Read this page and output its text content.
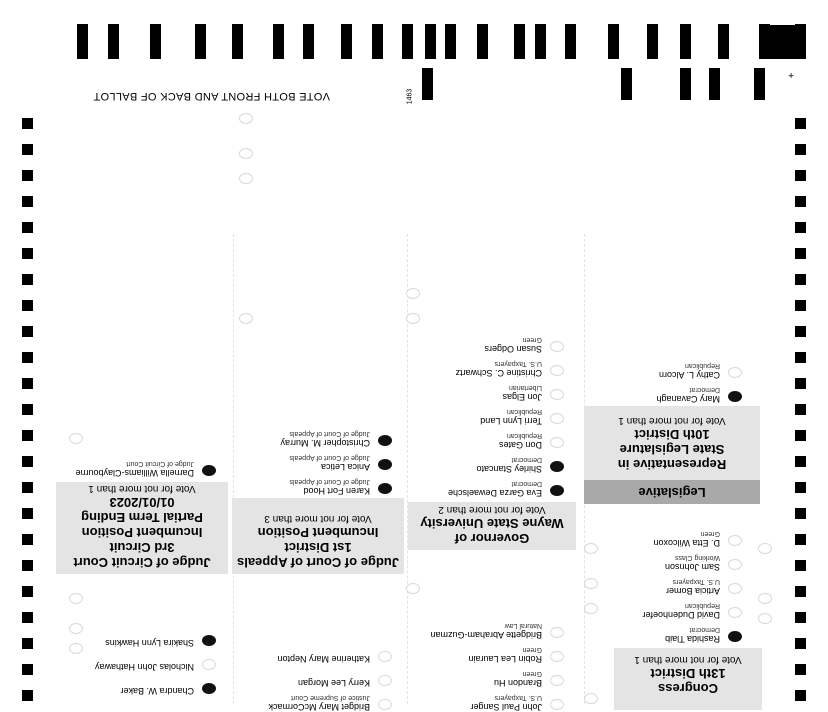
VOTE BOTH FRONT AND BACK OF BALLOT	1463
+
Congress
13th District
Vote for not more than 1
Legislative
Representative in
State Legislature
10th District
Vote for not more than 1
Governor of
Wayne State University
Vote for not more than 2
Judge of Court of Appeals
1st District
Incumbent Position
Vote for not more than 3
Judge of Circuit Court
3rd Circuit
Incumbent Position
Partial Term Ending
01/01/2023
Vote for not more than 1
Rashida Tlaib
Democrat
David Dudenhoefer
Republican
Articia Bomer
U.S. Taxpayers
Sam Johnson
Working Class
D. Etta Wilcoxon
Green
Mary Cavanagh
Democrat
Cathy L. Alcorn
Republican
John Paul Sanger
U.S. Taxpayers
Brandon Hu
Green
Robin Lea Laurain
Green
Bridgette Abraham-Guzman
Natural Law
Eva Garza Dewaelsche
Democrat
Shirley Stancato
Democrat
Don Gates
Republican
Terri Lynn Land
Republican
Jon Elgas
Libertarian
Christine C. Schwartz
U.S. Taxpayers
Susan Odgers
Green
Bridget Mary McCormack
Justice of Supreme Court
Kerry Lee Morgan
Katherine Mary Nepton
Karen Fort Hood
Judge of Court of Appeals
Anica Letica
Judge of Court of Appeals
Christopher M. Murray
Judge of Court of Appeals
Chandra W. Baker
Nicholas John Hathaway
Shakira Lynn Hawkins
Darnella Williams-Claybourne
Judge of Circuit Court
